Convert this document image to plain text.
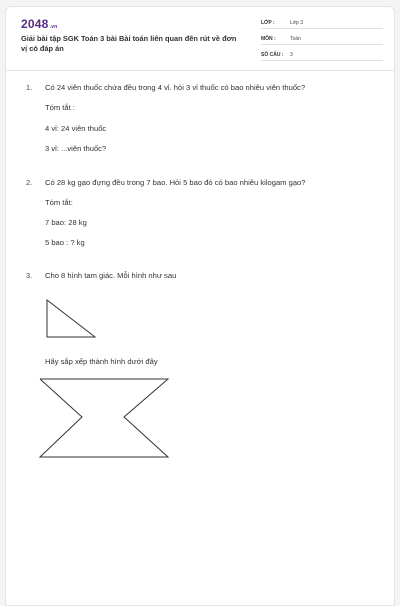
2048.vn
Giải bài tập SGK Toán 3 bài Bài toán liên quan đến rút về đơn vị có đáp án
LỚP :	Lớp 3
MÔN :	Toán
SỐ CÂU : 3
1. Có 24 viên thuốc chứa đều trong 4 vỉ. hỏi 3 vỉ thuốc có bao nhiêu viên thuốc?
Tóm tắt :
4 vỉ: 24 viên thuốc
3 vỉ: ...viên thuốc?
2. Có 28 kg gạo đựng đều trong 7 bao. Hỏi 5 bao đó có bao nhiêu kilogam gạo?
Tóm tắt:
7 bao: 28 kg
5 bao : ? kg
3. Cho 8 hình tam giác. Mỗi hình như sau
Hãy sắp xếp thành hình dưới đây
